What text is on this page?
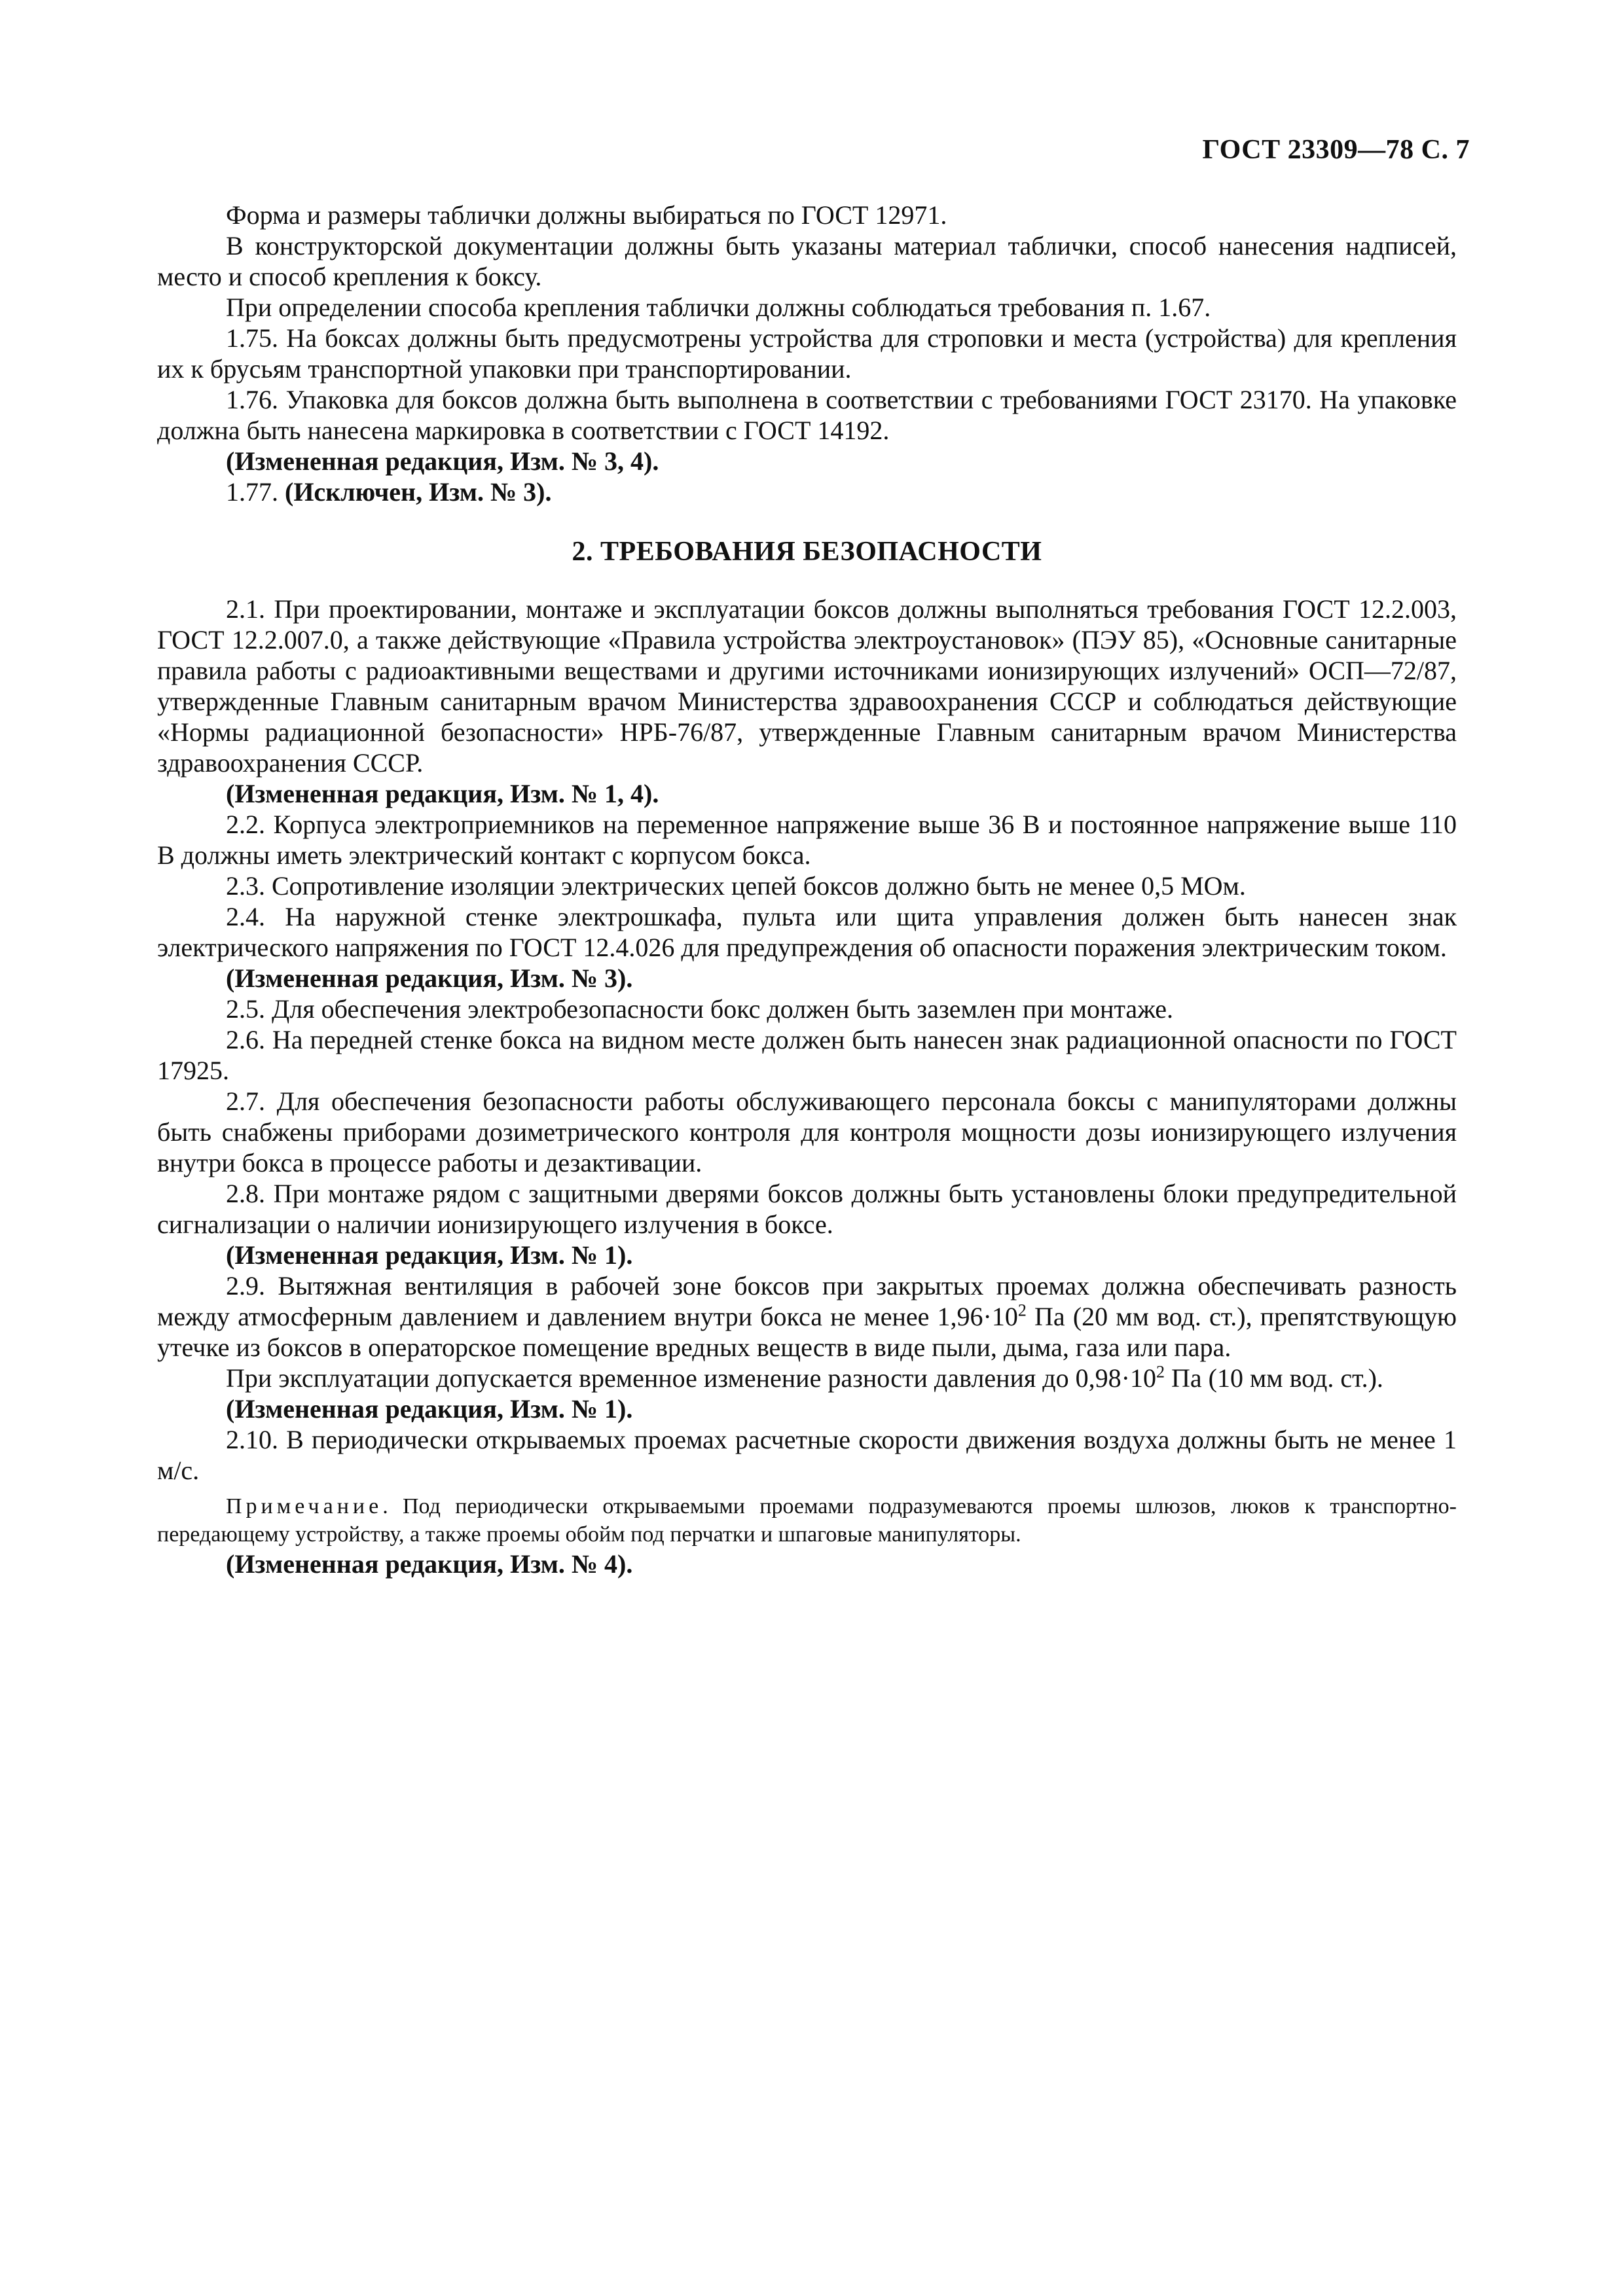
ГОСТ 23309—78 С. 7

Форма и размеры таблички должны выбираться по ГОСТ 12971.

В конструкторской документации должны быть указаны материал таблички, способ нанесения надписей, место и способ крепления к боксу.

При определении способа крепления таблички должны соблюдаться требования п. 1.67.

1.75. На боксах должны быть предусмотрены устройства для строповки и места (устройства) для крепления их к брусьям транспортной упаковки при транспортировании.

1.76. Упаковка для боксов должна быть выполнена в соответствии с требованиями ГОСТ 23170. На упаковке должна быть нанесена маркировка в соответствии с ГОСТ 14192.

(Измененная редакция, Изм. № 3, 4).

1.77. (Исключен, Изм. № 3).

2. ТРЕБОВАНИЯ БЕЗОПАСНОСТИ

2.1. При проектировании, монтаже и эксплуатации боксов должны выполняться требования ГОСТ 12.2.003, ГОСТ 12.2.007.0, а также действующие «Правила устройства электроустановок» (ПЭУ 85), «Основные санитарные правила работы с радиоактивными веществами и другими источниками ионизирующих излучений» ОСП—72/87, утвержденные Главным санитарным врачом Министерства здравоохранения СССР и соблюдаться действующие «Нормы радиационной безопасности» НРБ-76/87, утвержденные Главным санитарным врачом Министерства здравоохранения СССР.

(Измененная редакция, Изм. № 1, 4).

2.2. Корпуса электроприемников на переменное напряжение выше 36 В и постоянное напряжение выше 110 В должны иметь электрический контакт с корпусом бокса.

2.3. Сопротивление изоляции электрических цепей боксов должно быть не менее 0,5 МОм.

2.4. На наружной стенке электрошкафа, пульта или щита управления должен быть нанесен знак электрического напряжения по ГОСТ 12.4.026 для предупреждения об опасности поражения электрическим током.

(Измененная редакция, Изм. № 3).

2.5. Для обеспечения электробезопасности бокс должен быть заземлен при монтаже.

2.6. На передней стенке бокса на видном месте должен быть нанесен знак радиационной опасности по ГОСТ 17925.

2.7. Для обеспечения безопасности работы обслуживающего персонала боксы с манипуляторами должны быть снабжены приборами дозиметрического контроля для контроля мощности дозы ионизирующего излучения внутри бокса в процессе работы и дезактивации.

2.8. При монтаже рядом с защитными дверями боксов должны быть установлены блоки предупредительной сигнализации о наличии ионизирующего излучения в боксе.

(Измененная редакция, Изм. № 1).

2.9. Вытяжная вентиляция в рабочей зоне боксов при закрытых проемах должна обеспечивать разность между атмосферным давлением и давлением внутри бокса не менее $1,96\cdot 10^2$ Па (20 мм вод. ст.), препятствующую утечке из боксов в операторское помещение вредных веществ в виде пыли, дыма, газа или пара.

При эксплуатации допускается временное изменение разности давления до $0,98\cdot 10^2$ Па (10 мм вод. ст.).

(Измененная редакция, Изм. № 1).

2.10. В периодически открываемых проемах расчетные скорости движения воздуха должны быть не менее 1 м/с.

Примечание. Под периодически открываемыми проемами подразумеваются проемы шлюзов, люков к транспортно-передающему устройству, а также проемы обойм под перчатки и шпаговые манипуляторы.

(Измененная редакция, Изм. № 4).
